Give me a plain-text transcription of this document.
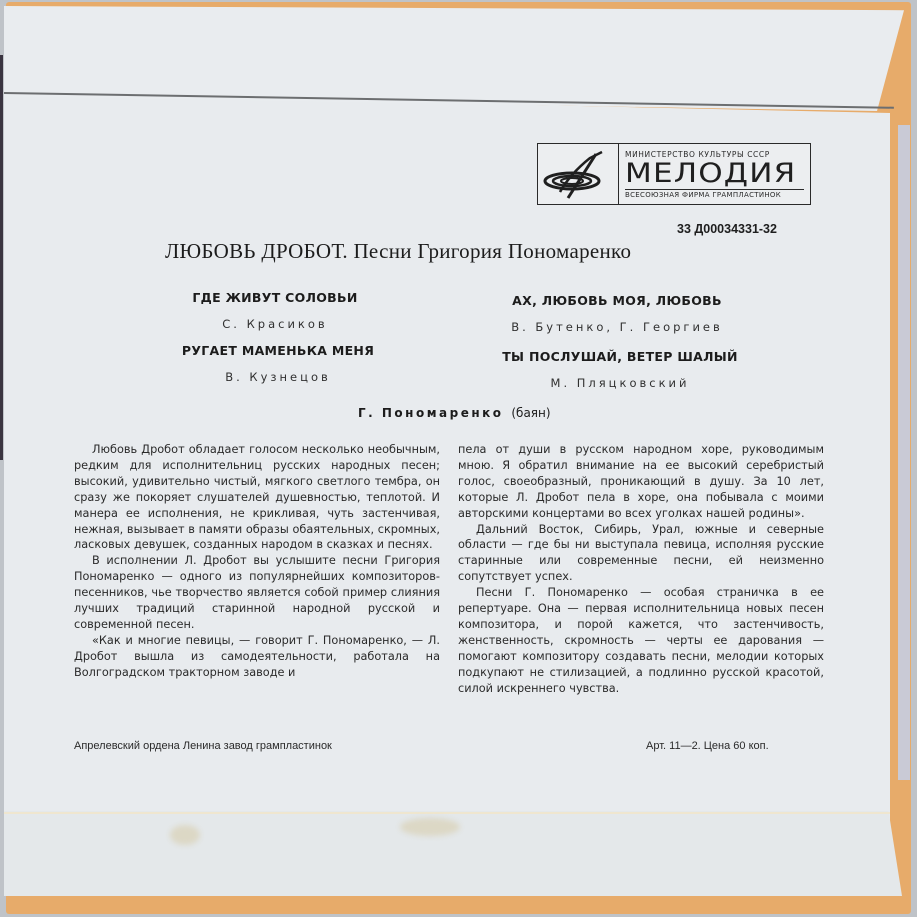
МИНИСТЕРСТВО КУЛЬТУРЫ СССР
МЕЛОДИЯ
ВСЕСОЮЗНАЯ ФИРМА ГРАМПЛАСТИНОК
33 Д00034331-32
ЛЮБОВЬ ДРОБОТ. Песни Григория Пономаренко
ГДЕ ЖИВУТ СОЛОВЬИ
С. Красиков
РУГАЕТ МАМЕНЬКА МЕНЯ
В. Кузнецов
АХ, ЛЮБОВЬ МОЯ, ЛЮБОВЬ
В. Бутенко, Г. Георгиев
ТЫ ПОСЛУШАЙ, ВЕТЕР ШАЛЫЙ
М. Пляцковский
Г. Пономаренко (баян)

Любовь Дробот обладает голосом несколько необычным, редким для исполнительниц русских народных песен; высокий, удивительно чистый, мягкого светлого тембра, он сразу же покоряет слушателей душевностью, теплотой. И манера ее исполнения, не крикливая, чуть застенчивая, нежная, вызывает в памяти образы обаятельных, скромных, ласковых девушек, созданных народом в сказках и песнях.

В исполнении Л. Дробот вы услышите песни Григория Пономаренко — одного из популярнейших композиторов-песенников, чье творчество является собой пример слияния лучших традиций старинной народной русской и современной песен.

«Как и многие певицы, — говорит Г. Пономаренко, — Л. Дробот вышла из самодеятельности, работала на Волгоградском тракторном заводе и

пела от души в русском народном хоре, руководимым мною. Я обратил внимание на ее высокий серебристый голос, своеобразный, проникающий в душу. За 10 лет, которые Л. Дробот пела в хоре, она побывала с моими авторскими концертами во всех уголках нашей родины».

Дальний Восток, Сибирь, Урал, южные и северные области — где бы ни выступала певица, исполняя русские старинные или современные песни, ей неизменно сопутствует успех.

Песни Г. Пономаренко — особая страничка в ее репертуаре. Она — первая исполнительница новых песен композитора, и порой кажется, что застенчивость, женственность, скромность — черты ее дарования — помогают композитору создавать песни, мелодии которых подкупают не стилизацией, а подлинно русской красотой, силой искреннего чувства.

Апрелевский ордена Ленина завод грампластинок	Арт. 11—2. Цена 60 коп.
